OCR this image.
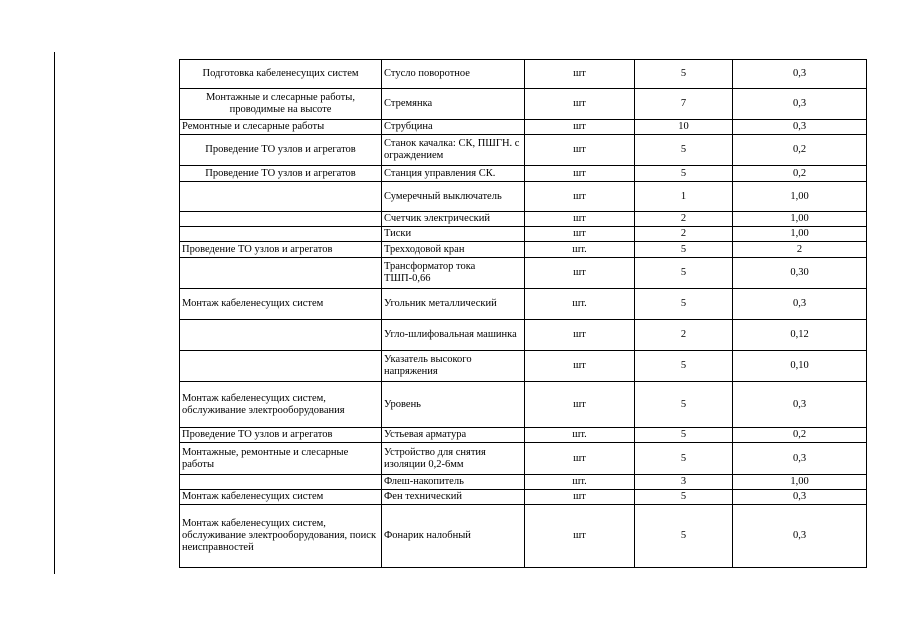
Подготовка кабеленесущих систем	Стусло поворотное	шт	5	0,3
Монтажные и слесарные работы, проводимые на высоте	Стремянка	шт	7	0,3
Ремонтные и слесарные работы	Струбцина	шт	10	0,3
Проведение ТО узлов и агрегатов	Станок качалка: СК, ПШГН. с ограждением	шт	5	0,2
Проведение ТО узлов и агрегатов	Станция управления СК.	шт	5	0,2
	Сумеречный выключатель	шт	1	1,00
	Счетчик электрический	шт	2	1,00
	Тиски	шт	2	1,00
Проведение ТО узлов и агрегатов	Трехходовой кран	шт.	5	2
	Трансформатор тока ТШП-0,66	шт	5	0,30
Монтаж кабеленесущих систем	Угольник металлический	шт.	5	0,3
	Угло-шлифовальная машинка	шт	2	0,12
	Указатель высокого напряжения	шт	5	0,10
Монтаж кабеленесущих систем, обслуживание электрооборудования	Уровень	шт	5	0,3
Проведение ТО узлов и агрегатов	Устьевая арматура	шт.	5	0,2
Монтажные, ремонтные и слесарные работы	Устройство для снятия изоляции 0,2-6мм	шт	5	0,3
	Флеш-накопитель	шт.	3	1,00
Монтаж кабеленесущих систем	Фен технический	шт	5	0,3
Монтаж кабеленесущих систем, обслуживание электрооборудования, поиск неисправностей	Фонарик налобный	шт	5	0,3
